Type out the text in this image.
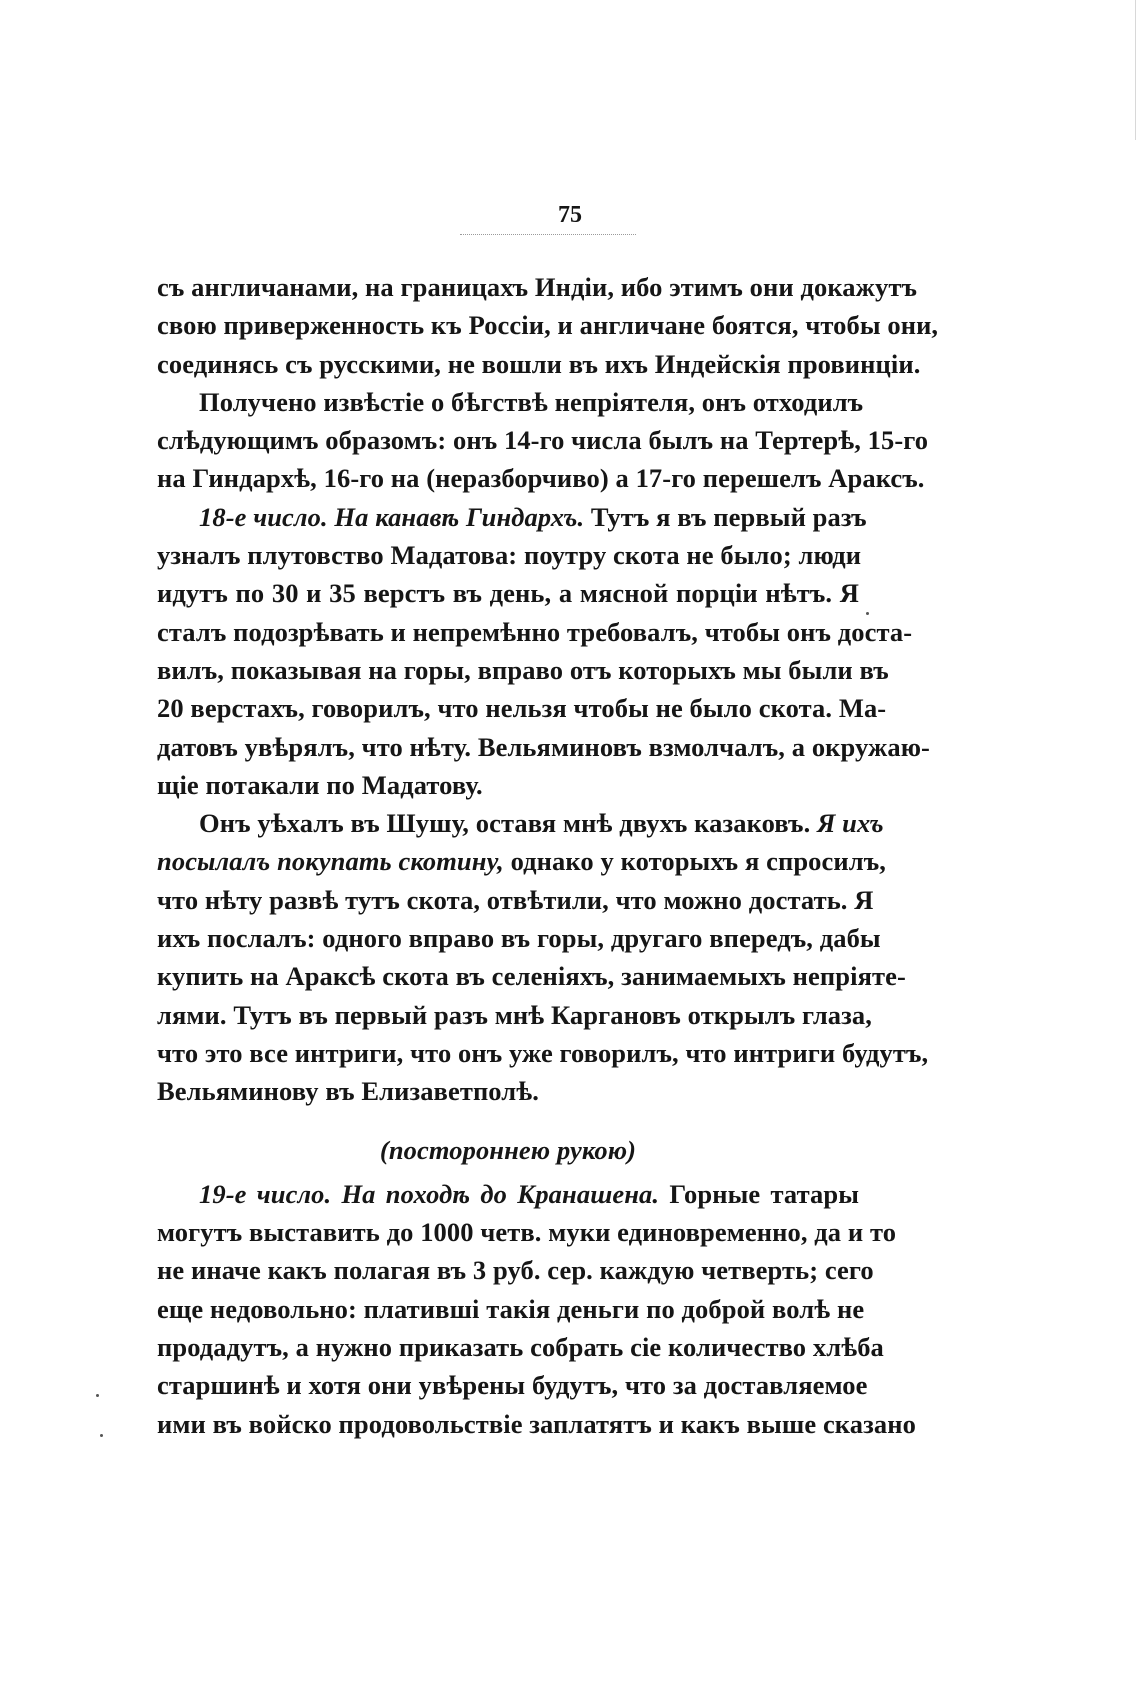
75
съ англичанами, на границахъ Индіи, ибо этимъ они докажутъ
свою приверженность къ Россіи, и англичане боятся, чтобы они,
соединясь съ русскими, не вошли въ ихъ Индейскія провинціи.
Получено извѣстіе о бѣгствѣ непріятеля, онъ отходилъ
слѣдующимъ образомъ: онъ 14-го числа былъ на Тертерѣ, 15-го
на Гиндархѣ, 16-го на (неразборчиво) а 17-го перешелъ Араксъ.
18-е число. На канавѣ Гиндархъ. Тутъ я въ первый разъ
узналъ плутовство Мадатова: поутру скота не было; люди
идутъ по 30 и 35 верстъ въ день, а мясной порціи нѣтъ. Я
сталъ подозрѣвать и непремѣнно требовалъ, чтобы онъ доста-
вилъ, показывая на горы, вправо отъ которыхъ мы были въ
20 верстахъ, говорилъ, что нельзя чтобы не было скота. Ма-
датовъ увѣрялъ, что нѣту. Вельяминовъ взмолчалъ, а окружаю-
щіе потакали по Мадатову.
Онъ уѣхалъ въ Шушу, оставя мнѣ двухъ казаковъ. Я ихъ
посылалъ покупать скотину, однако у которыхъ я спросилъ,
что нѣту развѣ тутъ скота, отвѣтили, что можно достать. Я
ихъ послалъ: одного вправо въ горы, другаго впередъ, дабы
купить на Араксѣ скота въ селеніяхъ, занимаемыхъ непріяте-
лями. Тутъ въ первый разъ мнѣ Каргановъ открылъ глаза,
что это все интриги, что онъ уже говорилъ, что интриги будутъ,
Вельяминову въ Елизаветполѣ.
(постороннею рукою)
19-е число. На походѣ до Кранашена. Горные татары
могутъ выставить до 1000 четв. муки единовременно, да и то
не иначе какъ полагая въ 3 руб. сер. каждую четверть; сего
еще недовольно: платившi такія деньги по доброй волѣ не
продадутъ, а нужно приказать собрать сіе количество хлѣба
старшинѣ и хотя они увѣрены будутъ, что за доставляемое
ими въ войско продовольствіе заплатятъ и какъ выше сказано
